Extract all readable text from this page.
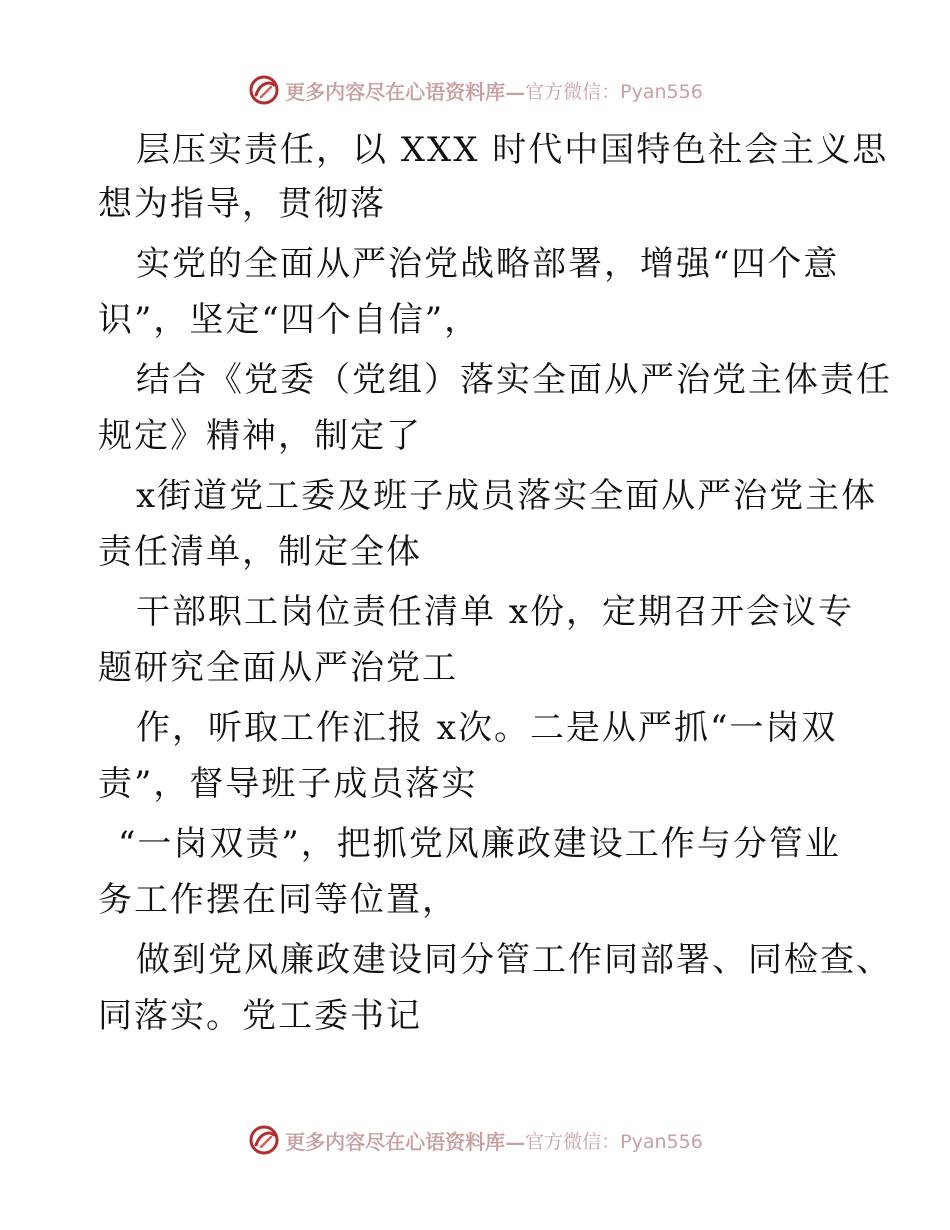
更多内容尽在心语资料库— 官方微信：Pyan556
层压实责任，以 XXX 时代中国特色社会主义思
想为指导，贯彻落
实党的全面从严治党战略部署，增强“四个意
识”，坚定“四个自信”，
结合《党委（党组）落实全面从严治党主体责任
规定》精神，制定了
x街道党工委及班子成员落实全面从严治党主体
责任清单，制定全体
干部职工岗位责任清单 x份，定期召开会议专
题研究全面从严治党工
作，听取工作汇报 x次。二是从严抓“一岗双
责”，督导班子成员落实
“一岗双责”，把抓党风廉政建设工作与分管业
务工作摆在同等位置，
做到党风廉政建设同分管工作同部署、同检查、
同落实。党工委书记
更多内容尽在心语资料库— 官方微信：Pyan556
